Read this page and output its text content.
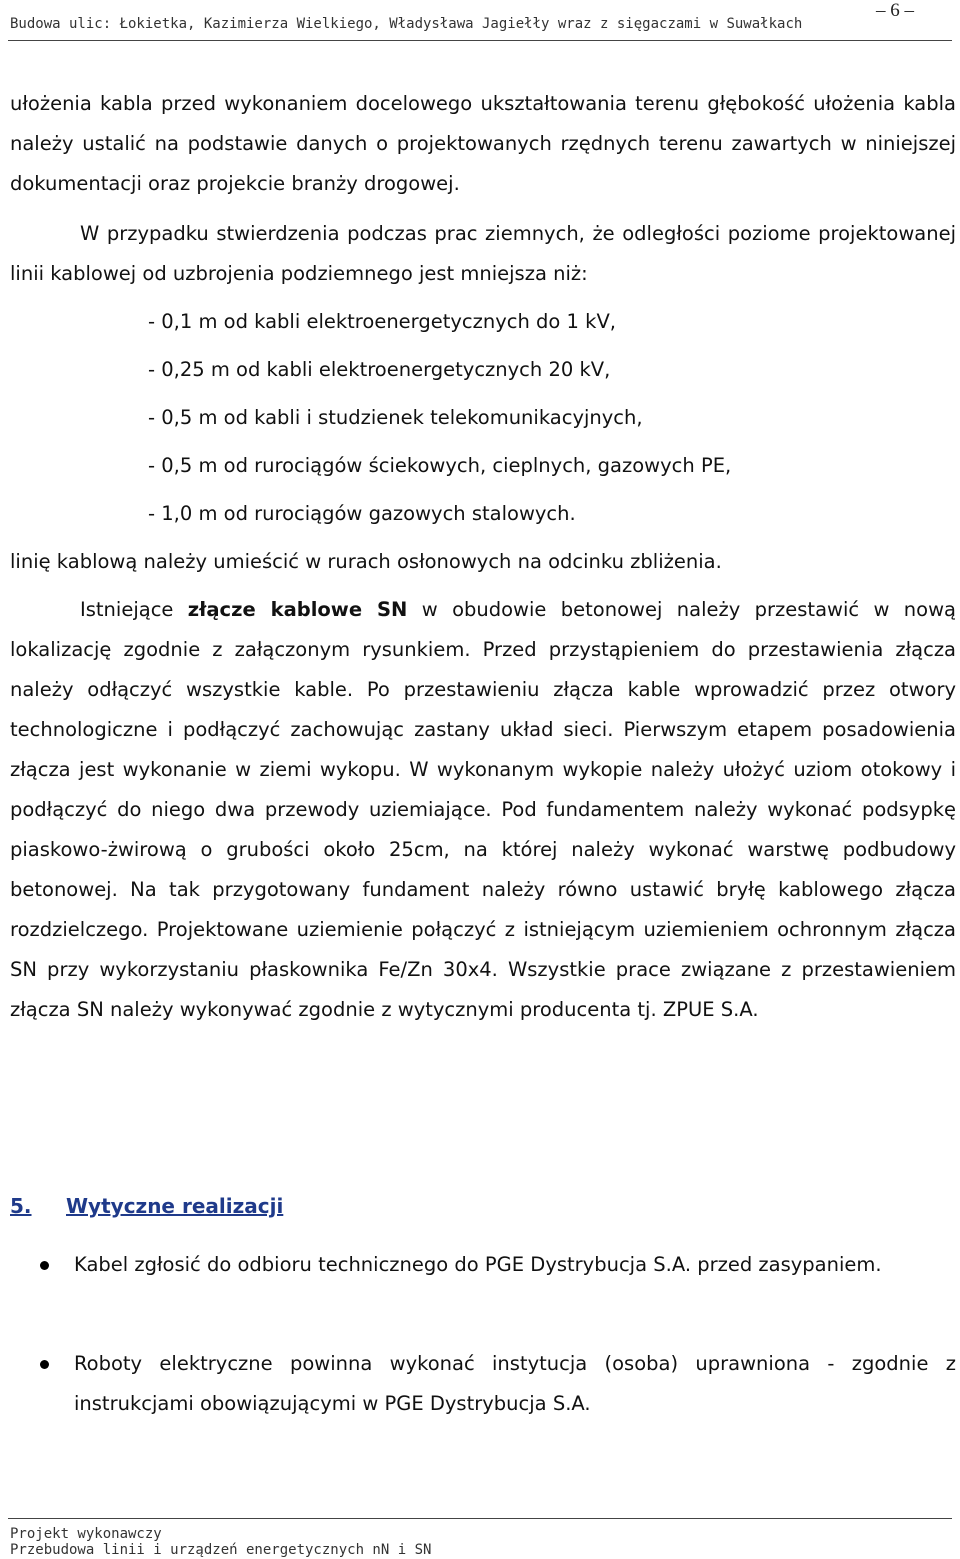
Budowa ulic: Łokietka, Kazimierza Wielkiego, Władysława Jagiełły wraz z sięgaczami w Suwałkach
– 6 –
ułożenia kabla przed wykonaniem docelowego ukształtowania terenu głębokość ułożenia kabla należy ustalić na podstawie danych o projektowanych rzędnych terenu zawartych w niniejszej dokumentacji oraz projekcie branży drogowej.
W przypadku stwierdzenia podczas prac ziemnych, że odległości poziome projektowanej linii kablowej od uzbrojenia podziemnego jest mniejsza niż:
- 0,1 m od kabli elektroenergetycznych do 1 kV,
- 0,25 m od kabli elektroenergetycznych 20 kV,
- 0,5 m od kabli i studzienek telekomunikacyjnych,
- 0,5 m od rurociągów ściekowych, cieplnych, gazowych PE,
- 1,0 m od rurociągów gazowych stalowych.
linię kablową należy umieścić w rurach osłonowych na odcinku zbliżenia.
Istniejące złącze kablowe SN w obudowie betonowej należy przestawić w nową lokalizację zgodnie z załączonym rysunkiem. Przed przystąpieniem do przestawienia złącza należy odłączyć wszystkie kable. Po przestawieniu złącza kable wprowadzić przez otwory technologiczne i podłączyć zachowując zastany układ sieci. Pierwszym etapem posadowienia złącza jest wykonanie w ziemi wykopu. W wykonanym wykopie należy ułożyć uziom otokowy i podłączyć do niego dwa przewody uziemiające. Pod fundamentem należy wykonać podsypkę piaskowo-żwirową o grubości około 25cm, na której należy wykonać warstwę podbudowy betonowej. Na tak przygotowany fundament należy równo ustawić bryłę kablowego złącza rozdzielczego. Projektowane uziemienie połączyć z istniejącym uziemieniem ochronnym złącza SN przy wykorzystaniu płaskownika Fe/Zn 30x4. Wszystkie prace związane z przestawieniem złącza SN należy wykonywać zgodnie z wytycznymi producenta tj. ZPUE S.A.
5. Wytyczne realizacji
Kabel zgłosić do odbioru technicznego do PGE Dystrybucja S.A. przed zasypaniem.
Roboty elektryczne powinna wykonać instytucja (osoba) uprawniona - zgodnie z instrukcjami obowiązującymi w PGE Dystrybucja S.A.
Projekt wykonawczy
Przebudowa linii i urządzeń energetycznych nN i SN
